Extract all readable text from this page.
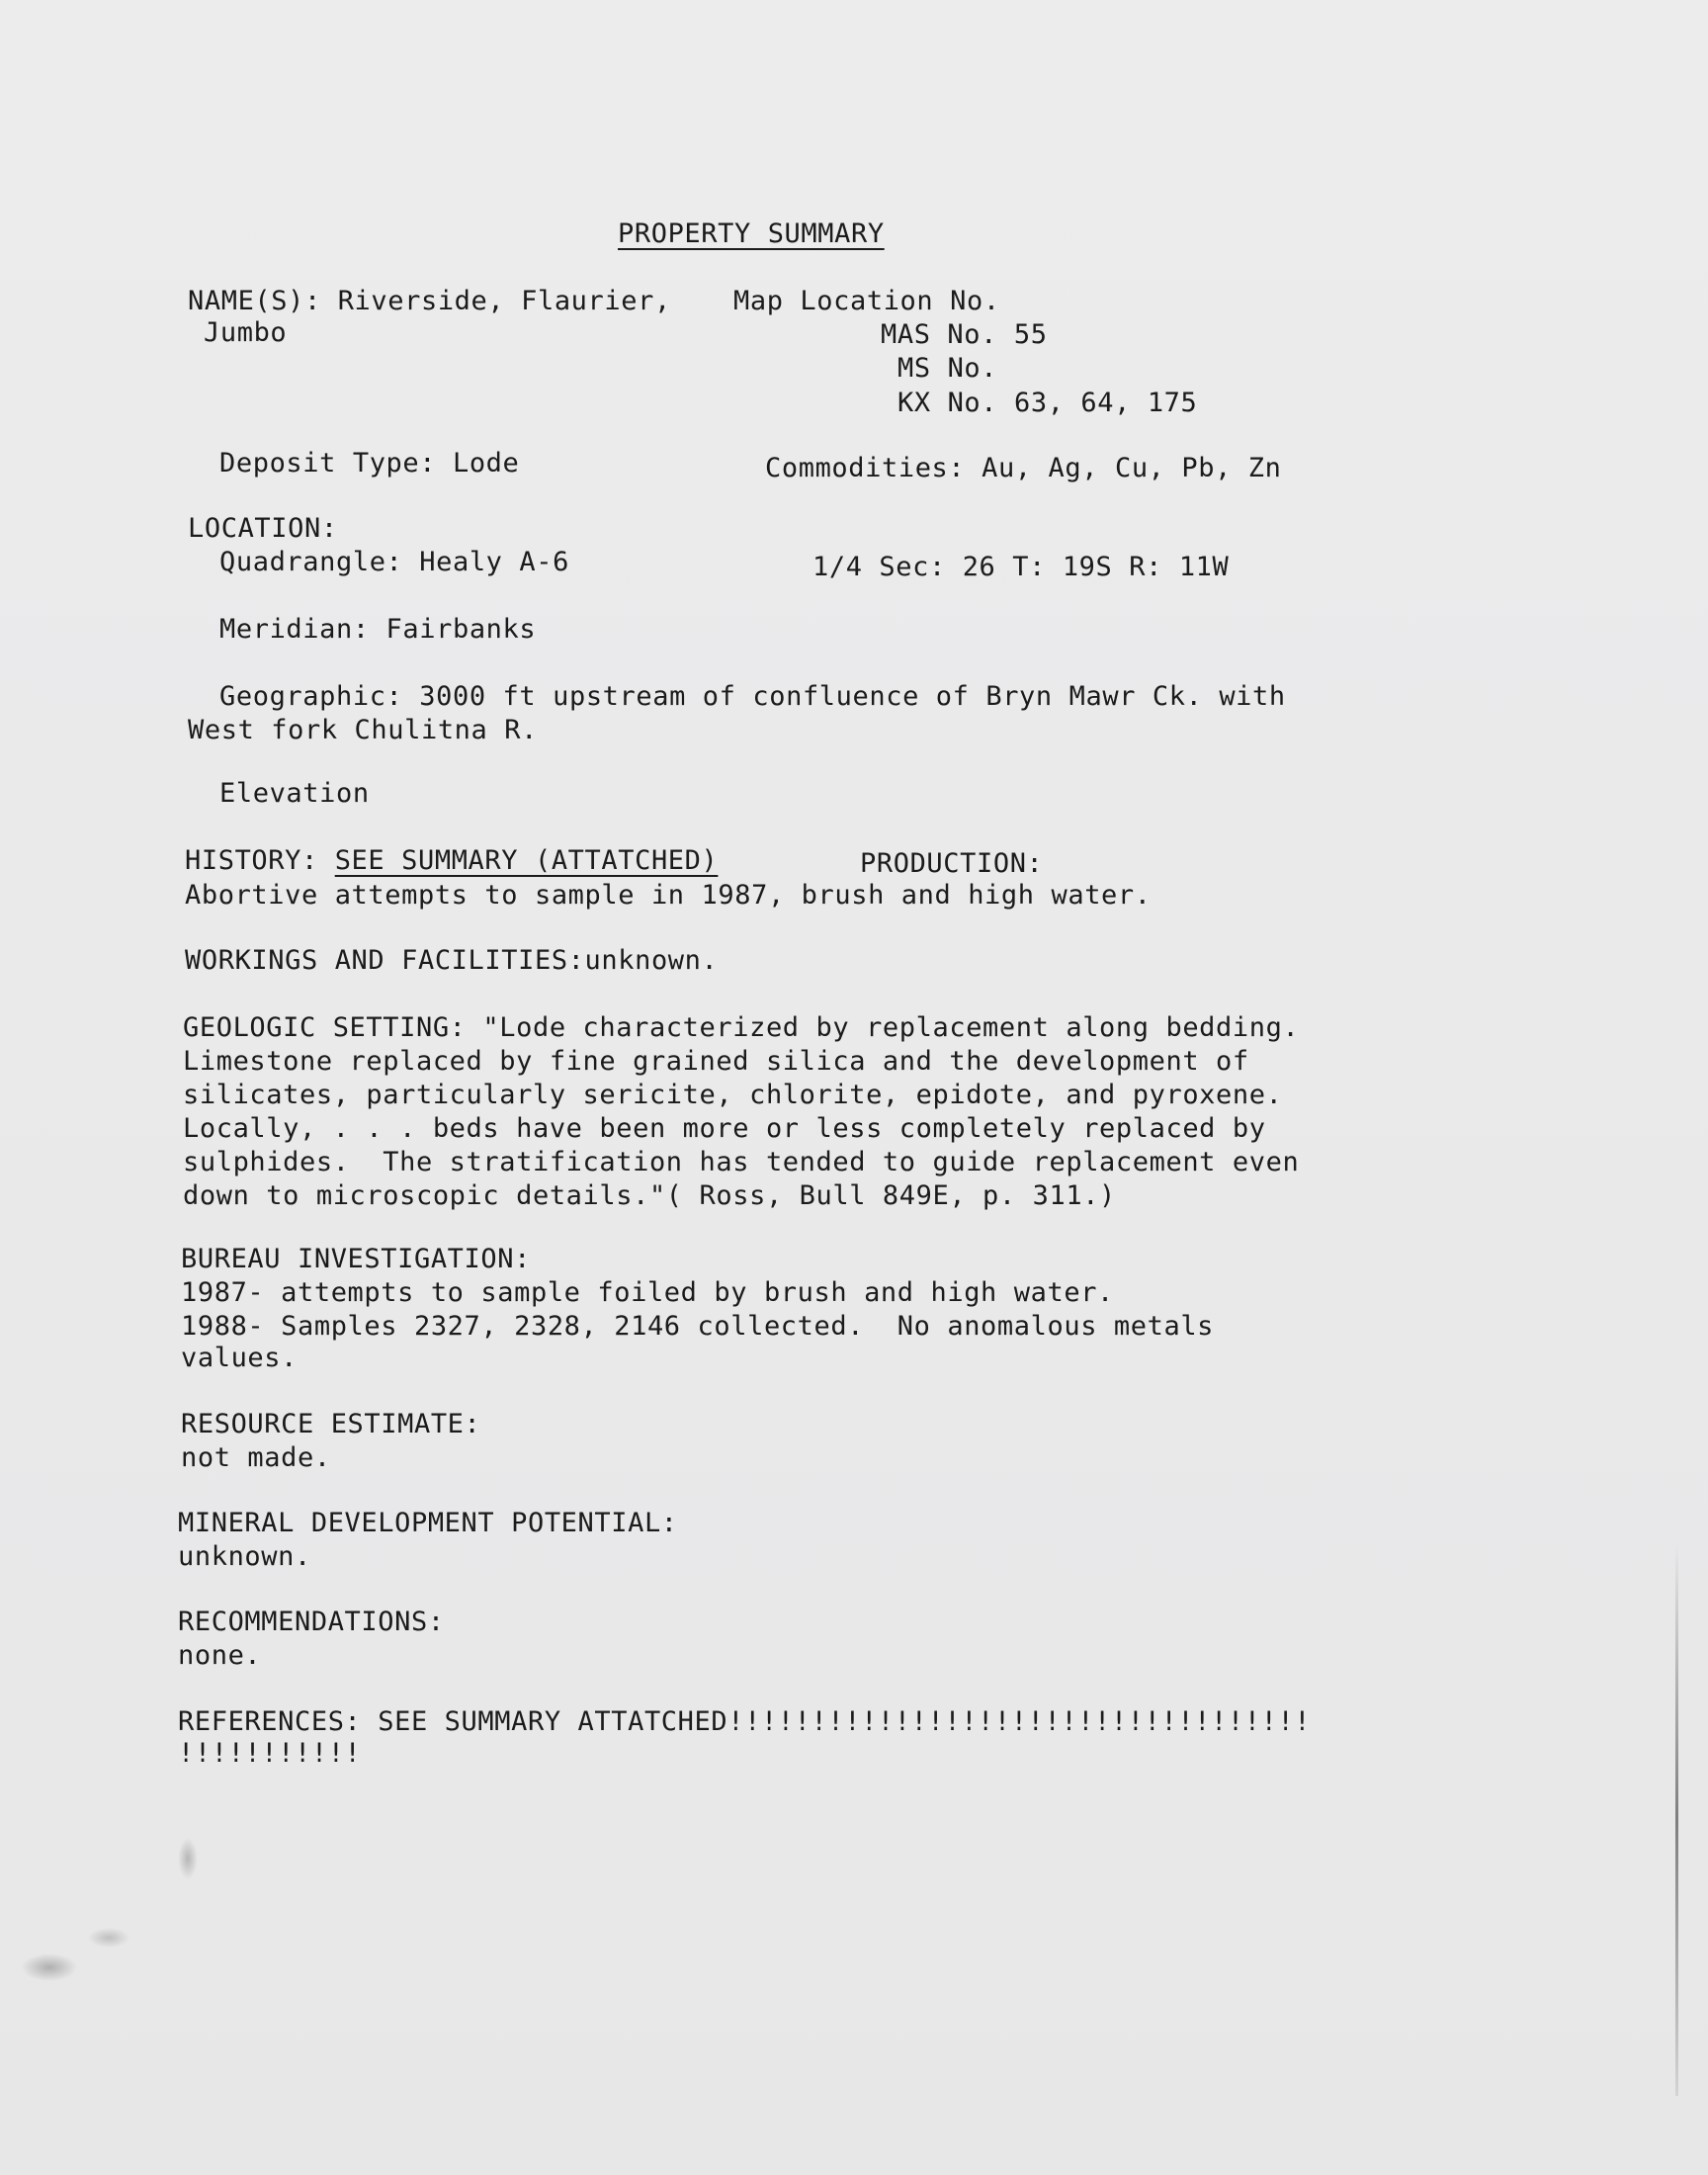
PROPERTY SUMMARY
NAME(S): Riverside, Flaurier,
Jumbo
Map Location No.
MAS No. 55
MS No.
KX No. 63, 64, 175
Deposit Type: Lode	Commodities: Au, Ag, Cu, Pb, Zn
LOCATION:
Quadrangle: Healy A-6	1/4 Sec: 26 T: 19S R: 11W
Meridian: Fairbanks
Geographic: 3000 ft upstream of confluence of Bryn Mawr Ck. with
West fork Chulitna R.
Elevation
HISTORY: SEE SUMMARY (ATTATCHED)	PRODUCTION:
Abortive attempts to sample in 1987, brush and high water.
WORKINGS AND FACILITIES:unknown.
GEOLOGIC SETTING: "Lode characterized by replacement along bedding.
Limestone replaced by fine grained silica and the development of
silicates, particularly sericite, chlorite, epidote, and pyroxene.
Locally, . . . beds have been more or less completely replaced by
sulphides.  The stratification has tended to guide replacement even
down to microscopic details."( Ross, Bull 849E, p. 311.)
BUREAU INVESTIGATION:
1987- attempts to sample foiled by brush and high water.
1988- Samples 2327, 2328, 2146 collected.  No anomalous metals
values.
RESOURCE ESTIMATE:
not made.
MINERAL DEVELOPMENT POTENTIAL:
unknown.
RECOMMENDATIONS:
none.
REFERENCES: SEE SUMMARY ATTATCHED!!!!!!!!!!!!!!!!!!!!!!!!!!!!!!!!!!!
!!!!!!!!!!!
